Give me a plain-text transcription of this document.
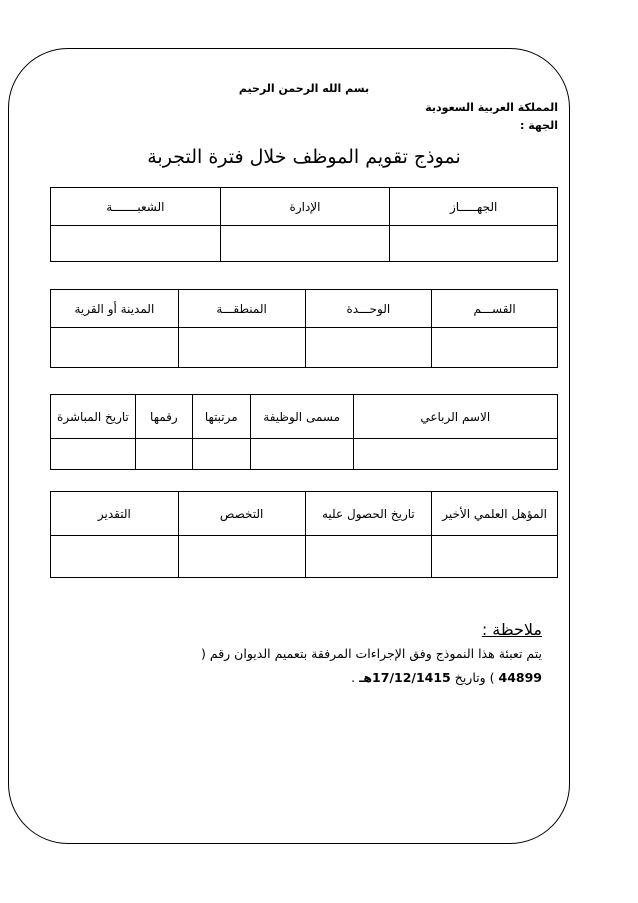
بسم الله الرحمن الرحيم
المملكة العربية السعودية
الجهة :
نموذج تقويم الموظف خلال فترة التجربة
الجهـــــاز	الإدارة	الشعبـــــــة

القســـم	الوحـــدة	المنطقـــة	المدينة أو القرية

الاسم الرباعي	مسمى الوظيفة	مرتبتها	رقمها	تاريخ المباشرة

المؤهل العلمي الأخير	تاريخ الحصول عليه	التخصص	التقدير

ملاحظة :
يتم تعبئة هذا النموذج وفق الإجراءات المرفقة بتعميم الديوان رقم (
44899 ) وتاريخ 17/12/1415هـ .
